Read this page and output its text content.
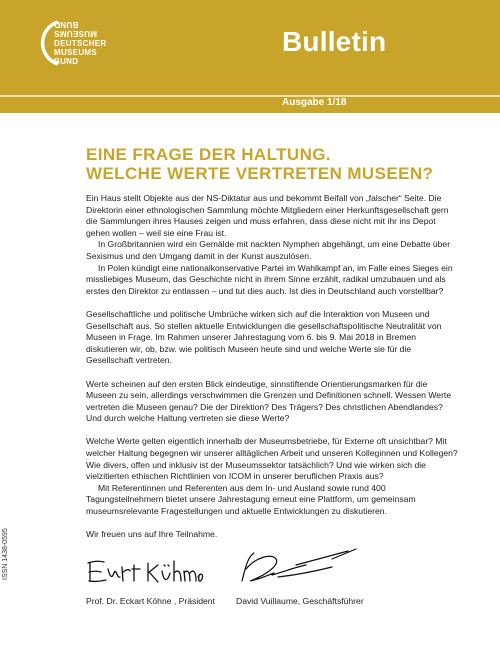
BUND
MUSEUMS
DEUTSCHER
MUSEUMS
BUND
Bulletin
Ausgabe 1/18
EINE FRAGE DER HALTUNG.
WELCHE WERTE VERTRETEN MUSEEN?

Ein Haus stellt Objekte aus der NS-Diktatur aus und bekommt Beifall von „falscher“ Seite. Die Direktorin einer ethnologischen Sammlung möchte Mitgliedern einer Herkunftsgesellschaft gern die Sammlungen ihres Hauses zeigen und muss erfahren, dass diese nicht mit ihr ins Depot gehen wollen – weil sie eine Frau ist.

In Großbritannien wird ein Gemälde mit nackten Nymphen abgehängt, um eine Debatte über Sexismus und den Umgang damit in der Kunst auszulösen.

In Polen kündigt eine nationalkonservative Partei im Wahlkampf an, im Falle eines Sieges ein missliebiges Museum, das Geschichte nicht in ihrem Sinne erzählt, radikal umzubauen und als erstes den Direktor zu entlassen – und tut dies auch. Ist dies in Deutschland auch vorstellbar?

Gesellschaftliche und politische Umbrüche wirken sich auf die Interaktion von Museen und Gesellschaft aus. So stellen aktuelle Entwicklungen die gesellschaftspolitische Neutralität von Museen in Frage. Im Rahmen unserer Jahrestagung vom 6. bis 9. Mai 2018 in Bremen diskutieren wir, ob, bzw. wie politisch Museen heute sind und welche Werte sie für die Gesellschaft vertreten.

Werte scheinen auf den ersten Blick eindeutige, sinnstiftende Orientierungsmarken für die Museen zu sein, allerdings verschwimmen die Grenzen und Definitionen schnell. Wessen Werte vertreten die Museen genau? Die der Direktion? Des Trägers? Des christlichen Abendlandes? Und durch welche Haltung vertreten sie diese Werte?

Welche Werte gelten eigentlich innerhalb der Museumsbetriebe, für Externe oft unsichtbar? Mit welcher Haltung begegnen wir unserer alltäglichen Arbeit und unseren Kolleginnen und Kollegen? Wie divers, offen und inklusiv ist der Museumssektor tatsächlich? Und wie wirken sich die vielzitierten ethischen Richtlinien von ICOM in unserer beruflichen Praxis aus?

Mit Referentinnen und Referenten aus dem In- und Ausland sowie rund 400 Tagungsteilnehmern bietet unsere Jahrestagung erneut eine Plattform, um gemeinsam museumsrelevante Fragestellungen und aktuelle Entwicklungen zu diskutieren.

Wir freuen uns auf Ihre Teilnahme.

Prof. Dr. Eckart Köhne , Präsident David Vuillaume, Geschäftsführer
ISSN 1438-0595
